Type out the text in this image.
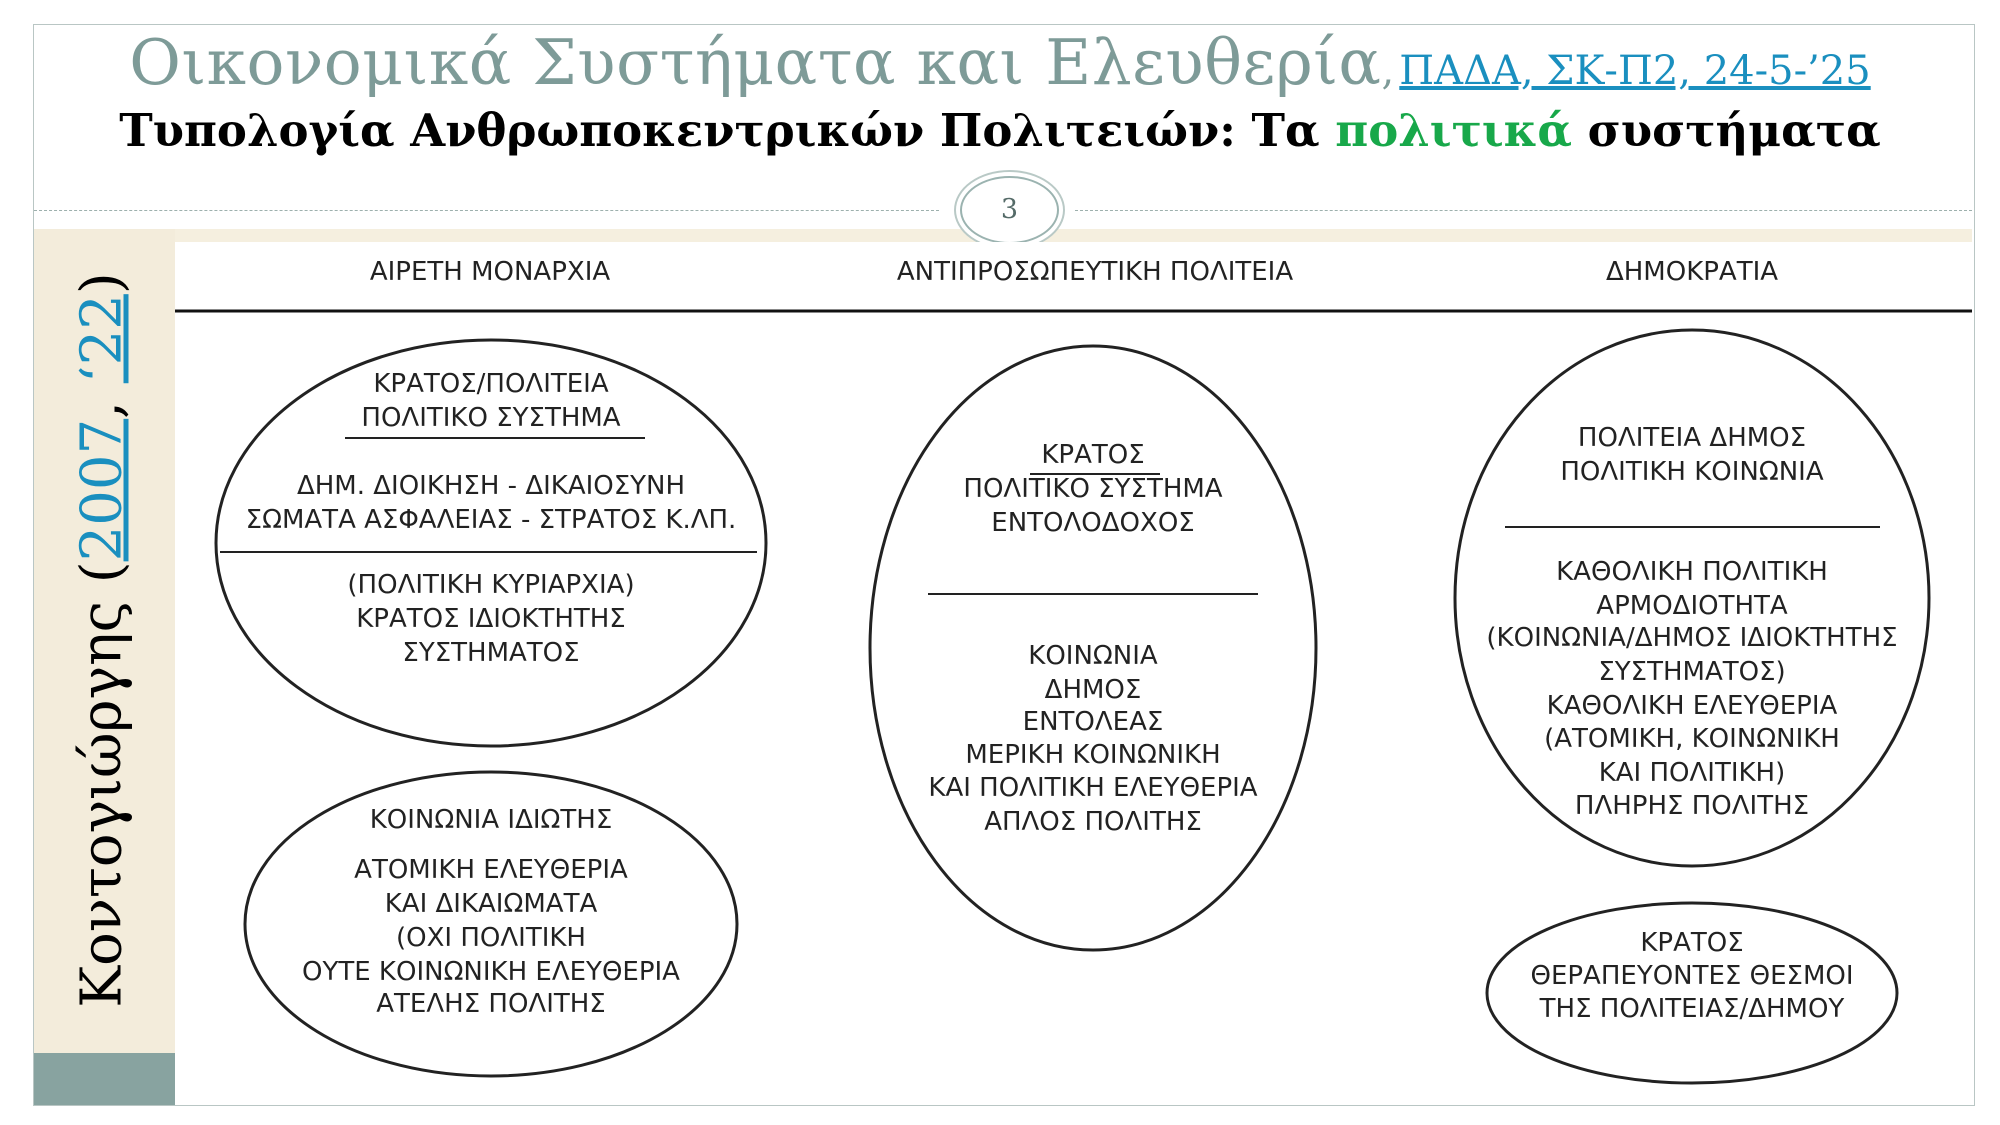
Οικονομικά Συστήματα και Ελευθερία, ΠΑΔΑ, ΣΚ-Π2, 24-5-’25
Τυπολογία Ανθρωποκεντρικών Πολιτειών: Τα πολιτικά συστήματα
3
Κοντογιώργης (2007, ‘22)	ΑΙΡΕΤΗ ΜΟΝΑΡΧΙΑ	ΑΝΤΙΠΡΟΣΩΠΕΥΤΙΚΗ ΠΟΛΙΤΕΙΑ	ΔΗΜΟΚΡΑΤΙΑ
ΚΡΑΤΟΣ/ΠΟΛΙΤΕΙΑ
ΠΟΛΙΤΙΚΟ ΣΥΣΤΗΜΑ
ΔΗΜ. ΔΙΟΙΚΗΣΗ - ΔΙΚΑΙΟΣΥΝΗ
ΣΩΜΑΤΑ ΑΣΦΑΛΕΙΑΣ - ΣΤΡΑΤΟΣ Κ.ΛΠ.
(ΠΟΛΙΤΙΚΗ ΚΥΡΙΑΡΧΙΑ)
ΚΡΑΤΟΣ ΙΔΙΟΚΤΗΤΗΣ
ΣΥΣΤΗΜΑΤΟΣ
ΚΟΙΝΩΝΙΑ ΙΔΙΩΤΗΣ
ΑΤΟΜΙΚΗ ΕΛΕΥΘΕΡΙΑ
ΚΑΙ ΔΙΚΑΙΩΜΑΤΑ
(ΟΧΙ ΠΟΛΙΤΙΚΗ
ΟΥΤΕ ΚΟΙΝΩΝΙΚΗ ΕΛΕΥΘΕΡΙΑ
ΑΤΕΛΗΣ ΠΟΛΙΤΗΣ
ΚΡΑΤΟΣ
ΠΟΛΙΤΙΚΟ ΣΥΣΤΗΜΑ
ΕΝΤΟΛΟΔΟΧΟΣ
ΚΟΙΝΩΝΙΑ
ΔΗΜΟΣ
ΕΝΤΟΛΕΑΣ
ΜΕΡΙΚΗ ΚΟΙΝΩΝΙΚΗ
ΚΑΙ ΠΟΛΙΤΙΚΗ ΕΛΕΥΘΕΡΙΑ
ΑΠΛΟΣ ΠΟΛΙΤΗΣ
ΠΟΛΙΤΕΙΑ ΔΗΜΟΣ
ΠΟΛΙΤΙΚΗ ΚΟΙΝΩΝΙΑ
ΚΑΘΟΛΙΚΗ ΠΟΛΙΤΙΚΗ
ΑΡΜΟΔΙΟΤΗΤΑ
(ΚΟΙΝΩΝΙΑ/ΔΗΜΟΣ ΙΔΙΟΚΤΗΤΗΣ
ΣΥΣΤΗΜΑΤΟΣ)
ΚΑΘΟΛΙΚΗ ΕΛΕΥΘΕΡΙΑ
(ΑΤΟΜΙΚΗ, ΚΟΙΝΩΝΙΚΗ
ΚΑΙ ΠΟΛΙΤΙΚΗ)
ΠΛΗΡΗΣ ΠΟΛΙΤΗΣ
ΚΡΑΤΟΣ
ΘΕΡΑΠΕΥΟΝΤΕΣ ΘΕΣΜΟΙ
ΤΗΣ ΠΟΛΙΤΕΙΑΣ/ΔΗΜΟΥ
